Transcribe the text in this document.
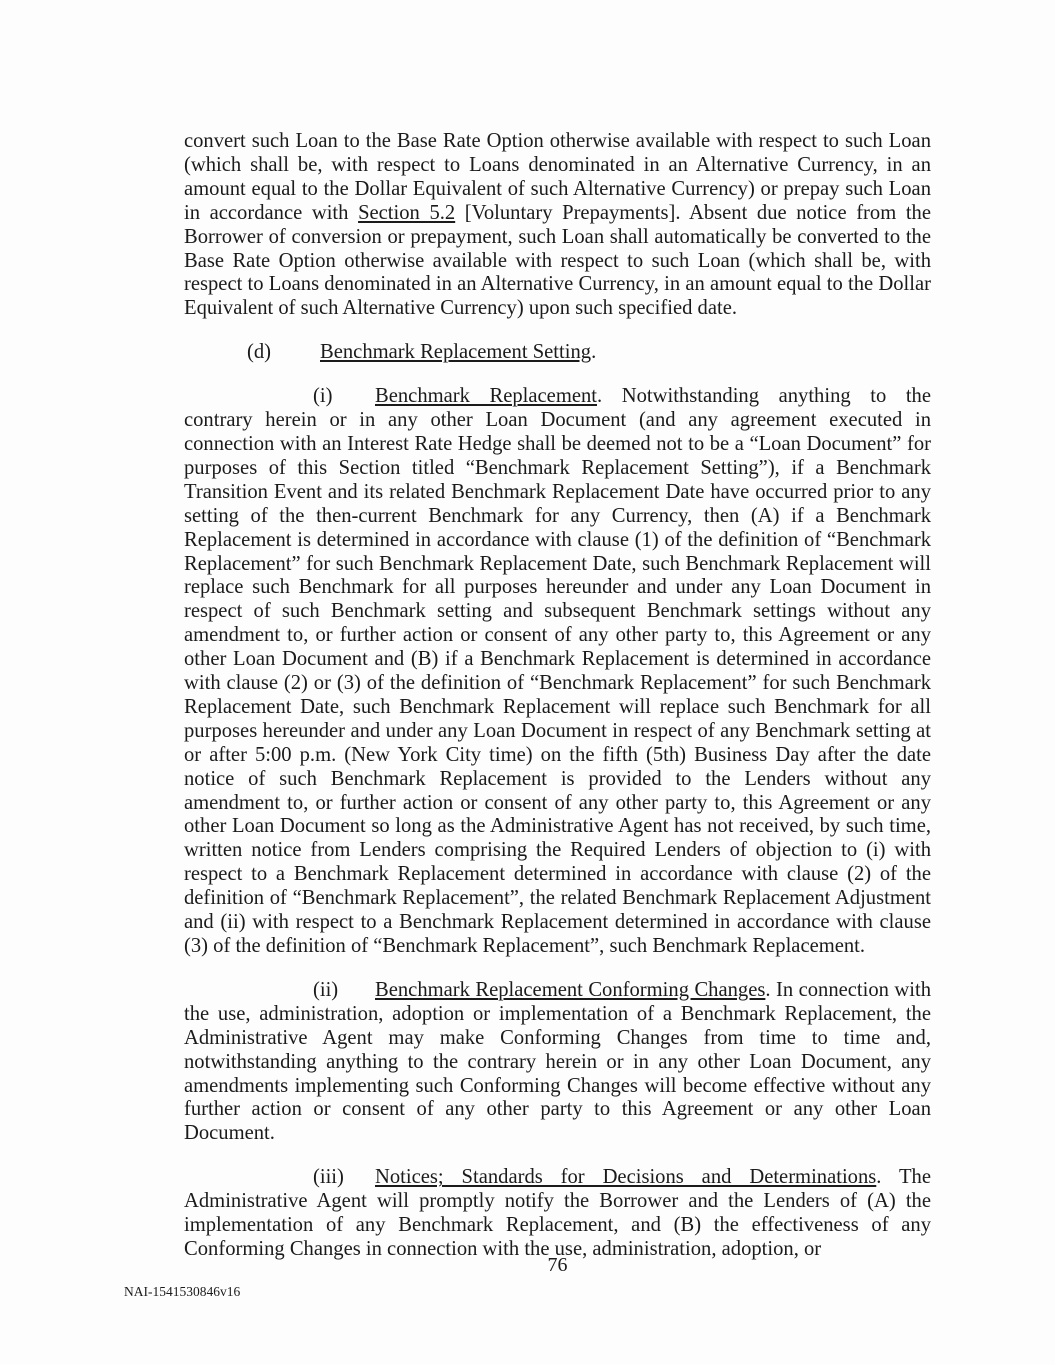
convert such Loan to the Base Rate Option otherwise available with respect to such Loan (which shall be, with respect to Loans denominated in an Alternative Currency, in an amount equal to the Dollar Equivalent of such Alternative Currency) or prepay such Loan in accordance with Section 5.2 [Voluntary Prepayments]. Absent due notice from the Borrower of conversion or prepayment, such Loan shall automatically be converted to the Base Rate Option otherwise available with respect to such Loan (which shall be, with respect to Loans denominated in an Alternative Currency, in an amount equal to the Dollar Equivalent of such Alternative Currency) upon such specified date.

(d) Benchmark Replacement Setting.

(i) Benchmark Replacement. Notwithstanding anything to the contrary herein or in any other Loan Document (and any agreement executed in connection with an Interest Rate Hedge shall be deemed not to be a “Loan Document” for purposes of this Section titled “Benchmark Replacement Setting”), if a Benchmark Transition Event and its related Benchmark Replacement Date have occurred prior to any setting of the then-current Benchmark for any Currency, then (A) if a Benchmark Replacement is determined in accordance with clause (1) of the definition of “Benchmark Replacement” for such Benchmark Replacement Date, such Benchmark Replacement will replace such Benchmark for all purposes hereunder and under any Loan Document in respect of such Benchmark setting and subsequent Benchmark settings without any amendment to, or further action or consent of any other party to, this Agreement or any other Loan Document and (B) if a Benchmark Replacement is determined in accordance with clause (2) or (3) of the definition of “Benchmark Replacement” for such Benchmark Replacement Date, such Benchmark Replacement will replace such Benchmark for all purposes hereunder and under any Loan Document in respect of any Benchmark setting at or after 5:00 p.m. (New York City time) on the fifth (5th) Business Day after the date notice of such Benchmark Replacement is provided to the Lenders without any amendment to, or further action or consent of any other party to, this Agreement or any other Loan Document so long as the Administrative Agent has not received, by such time, written notice from Lenders comprising the Required Lenders of objection to (i) with respect to a Benchmark Replacement determined in accordance with clause (2) of the definition of “Benchmark Replacement”, the related Benchmark Replacement Adjustment and (ii) with respect to a Benchmark Replacement determined in accordance with clause (3) of the definition of “Benchmark Replacement”, such Benchmark Replacement.

(ii) Benchmark Replacement Conforming Changes. In connection with the use, administration, adoption or implementation of a Benchmark Replacement, the Administrative Agent may make Conforming Changes from time to time and, notwithstanding anything to the contrary herein or in any other Loan Document, any amendments implementing such Conforming Changes will become effective without any further action or consent of any other party to this Agreement or any other Loan Document.

(iii) Notices; Standards for Decisions and Determinations. The Administrative Agent will promptly notify the Borrower and the Lenders of (A) the implementation of any Benchmark Replacement, and (B) the effectiveness of any Conforming Changes in connection with the use, administration, adoption, or

76
NAI-1541530846v16
